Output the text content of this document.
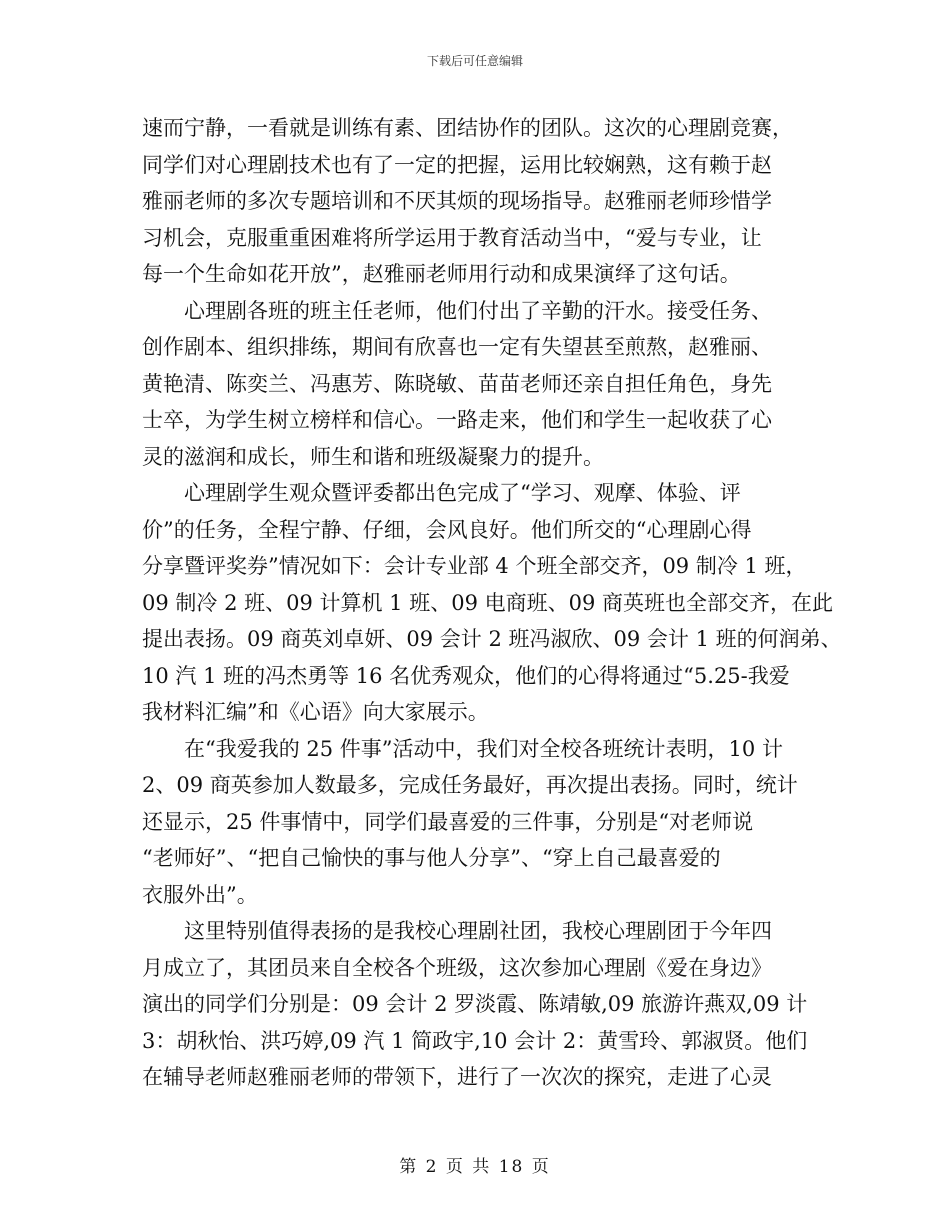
下载后可任意编辑
速而宁静，一看就是训练有素、团结协作的团队。这次的心理剧竞赛，
同学们对心理剧技术也有了一定的把握，运用比较娴熟，这有赖于赵
雅丽老师的多次专题培训和不厌其烦的现场指导。赵雅丽老师珍惜学
习机会，克服重重困难将所学运用于教育活动当中，“爱与专业，让
每一个生命如花开放”，赵雅丽老师用行动和成果演绎了这句话。
　　心理剧各班的班主任老师，他们付出了辛勤的汗水。接受任务、
创作剧本、组织排练，期间有欣喜也一定有失望甚至煎熬，赵雅丽、
黄艳清、陈奕兰、冯惠芳、陈晓敏、苗苗老师还亲自担任角色，身先
士卒，为学生树立榜样和信心。一路走来，他们和学生一起收获了心
灵的滋润和成长，师生和谐和班级凝聚力的提升。
　　心理剧学生观众暨评委都出色完成了“学习、观摩、体验、评
价”的任务，全程宁静、仔细，会风良好。他们所交的“心理剧心得
分享暨评奖券”情况如下：会计专业部 4 个班全部交齐，09 制冷 1 班，
09 制冷 2 班、09 计算机 1 班、09 电商班、09 商英班也全部交齐，在此
提出表扬。09 商英刘卓妍、09 会计 2 班冯淑欣、09 会计 1 班的何润弟、
10 汽 1 班的冯杰勇等 16 名优秀观众，他们的心得将通过“5.25-我爱
我材料汇编”和《心语》向大家展示。
　　在“我爱我的 25 件事”活动中，我们对全校各班统计表明，10 计
2、09 商英参加人数最多，完成任务最好，再次提出表扬。同时，统计
还显示，25 件事情中，同学们最喜爱的三件事，分别是“对老师说
“老师好”、“把自己愉快的事与他人分享”、“穿上自己最喜爱的
衣服外出”。
　　这里特别值得表扬的是我校心理剧社团，我校心理剧团于今年四
月成立了，其团员来自全校各个班级，这次参加心理剧《爱在身边》
演出的同学们分别是：09 会计 2 罗淡霞、陈靖敏,09 旅游许燕双,09 计
3：胡秋怡、洪巧婷,09 汽 1 简政宇,10 会计 2：黄雪玲、郭淑贤。他们
在辅导老师赵雅丽老师的带领下，进行了一次次的探究，走进了心灵
第 2 页 共 18 页
